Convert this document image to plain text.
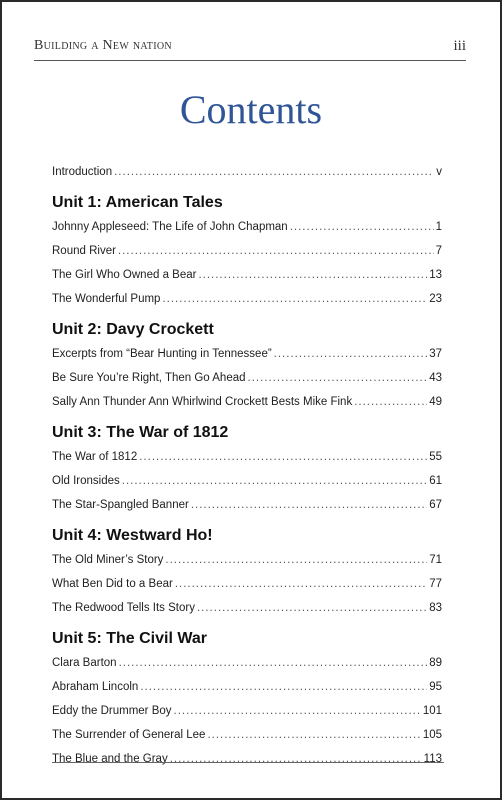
Building a New nation	iii
Contents
Introduction .....	v
Unit 1: American Tales
Johnny Appleseed: The Life of John Chapman .....	1
Round River .....	7
The Girl Who Owned a Bear .....	13
The Wonderful Pump .....	23
Unit 2: Davy Crockett
Excerpts from “Bear Hunting in Tennessee” .....	37
Be Sure You’re Right, Then Go Ahead .....	43
Sally Ann Thunder Ann Whirlwind Crockett Bests Mike Fink .....	49
Unit 3: The War of 1812
The War of 1812 .....	55
Old Ironsides .....	61
The Star-Spangled Banner .....	67
Unit 4: Westward Ho!
The Old Miner’s Story .....	71
What Ben Did to a Bear .....	77
The Redwood Tells Its Story .....	83
Unit 5: The Civil War
Clara Barton .....	89
Abraham Lincoln .....	95
Eddy the Drummer Boy .....	101
The Surrender of General Lee .....	105
The Blue and the Gray .....	113
